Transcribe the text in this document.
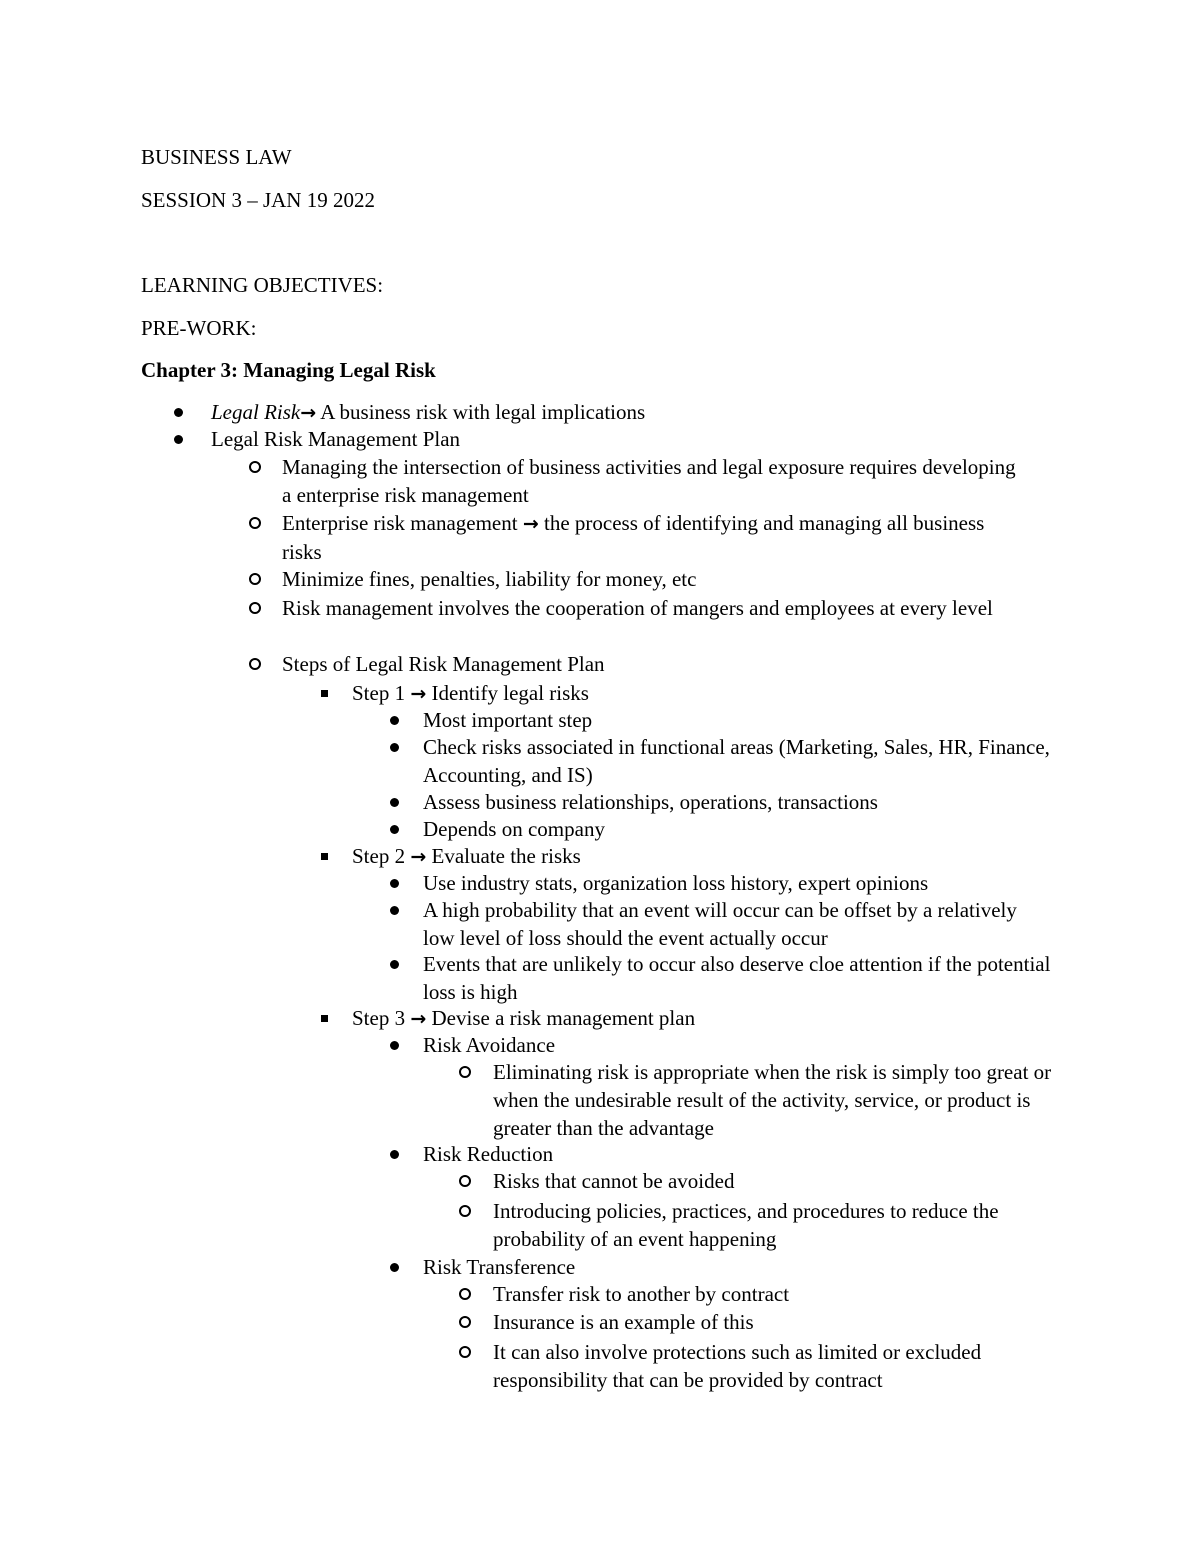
BUSINESS LAW
SESSION 3 – JAN 19 2022
LEARNING OBJECTIVES:
PRE-WORK:
Chapter 3: Managing Legal Risk
Legal Risk→ A business risk with legal implications
Legal Risk Management Plan
Managing the intersection of business activities and legal exposure requires developing a enterprise risk management
Enterprise risk management → the process of identifying and managing all business risks
Minimize fines, penalties, liability for money, etc
Risk management involves the cooperation of mangers and employees at every level
Steps of Legal Risk Management Plan
Step 1 → Identify legal risks
Most important step
Check risks associated in functional areas (Marketing, Sales, HR, Finance, Accounting, and IS)
Assess business relationships, operations, transactions
Depends on company
Step 2 → Evaluate the risks
Use industry stats, organization loss history, expert opinions
A high probability that an event will occur can be offset by a relatively low level of loss should the event actually occur
Events that are unlikely to occur also deserve cloe attention if the potential loss is high
Step 3 → Devise a risk management plan
Risk Avoidance
Eliminating risk is appropriate when the risk is simply too great or when the undesirable result of the activity, service, or product is greater than the advantage
Risk Reduction
Risks that cannot be avoided
Introducing policies, practices, and procedures to reduce the probability of an event happening
Risk Transference
Transfer risk to another by contract
Insurance is an example of this
It can also involve protections such as limited or excluded responsibility that can be provided by contract
